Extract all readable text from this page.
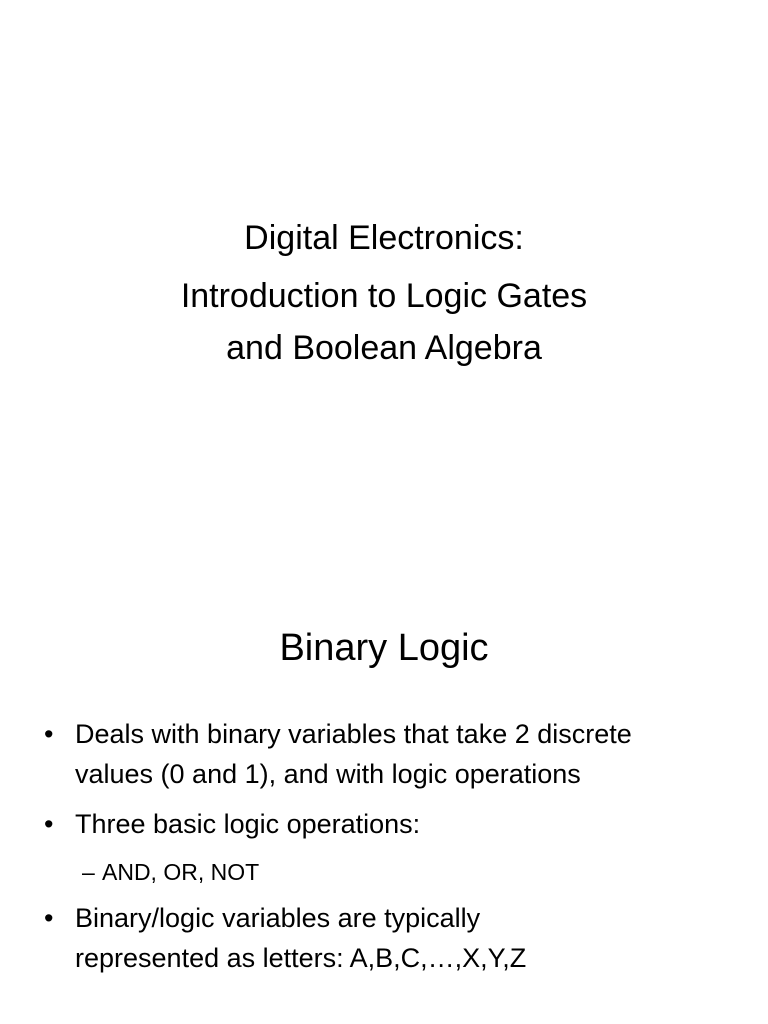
Digital Electronics:
Introduction to Logic Gates
and Boolean Algebra
Binary Logic
• Deals with binary variables that take 2 discrete
values (0 and 1), and with logic operations
• Three basic logic operations:
– AND, OR, NOT
• Binary/logic variables are typically
represented as letters: A,B,C,…,X,Y,Z
